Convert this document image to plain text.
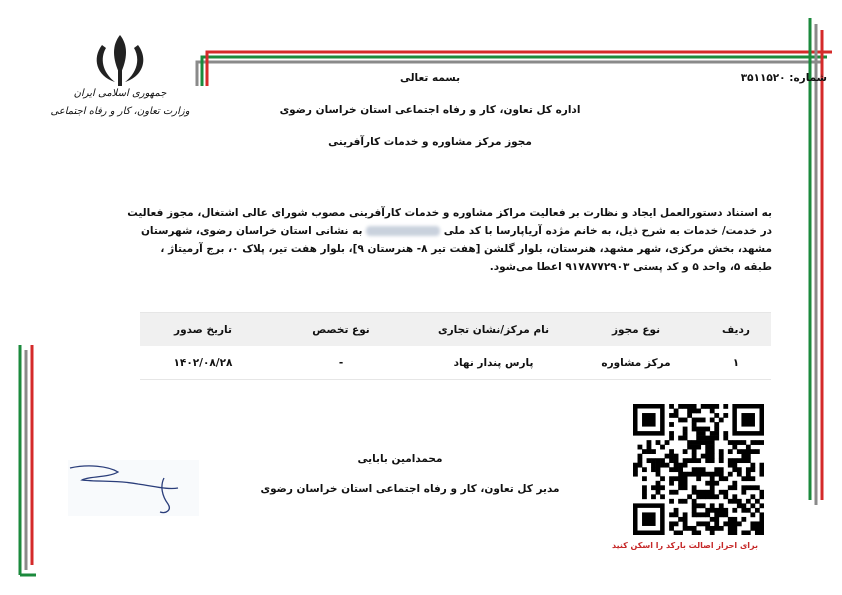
جمهوری اسلامی ایران
وزارت تعاون، کار و رفاه اجتماعی
شماره: ۳۵۱۱۵۲۰
بسمه تعالی
اداره کل تعاون، کار و رفاه اجتماعی استان خراسان رضوی
مجوز مرکز مشاوره و خدمات کارآفرینی
به استناد دستورالعمل ایجاد و نظارت بر فعالیت مراکز مشاوره و خدمات کارآفرینی مصوب شورای عالی اشتغال، مجوز فعالیت
در خدمت/ خدمات به شرح ذیل، به خانم مژده آریاپارسا با کد ملی  به نشانی استان خراسان رضوی، شهرستان
مشهد، بخش مرکزی، شهر مشهد، هنرستان، بلوار گلشن [هفت تیر ۸- هنرستان ۹]، بلوار هفت تیر، پلاک ۰، برج آرمیتاژ ،
طبقه ۵، واحد ۵ و کد پستی ۹۱۷۸۷۷۲۹۰۳ اعطا می‌شود.
ردیف	نوع مجوز	نام مرکز/نشان تجاری	نوع تخصص	تاریخ صدور
۱	مرکز مشاوره	پارس پندار نهاد	-	۱۴۰۲/۰۸/۲۸
برای احراز اصالت بارکد را اسکن کنید
محمدامین بابایی
مدیر کل تعاون، کار و رفاه اجتماعی استان خراسان رضوی
